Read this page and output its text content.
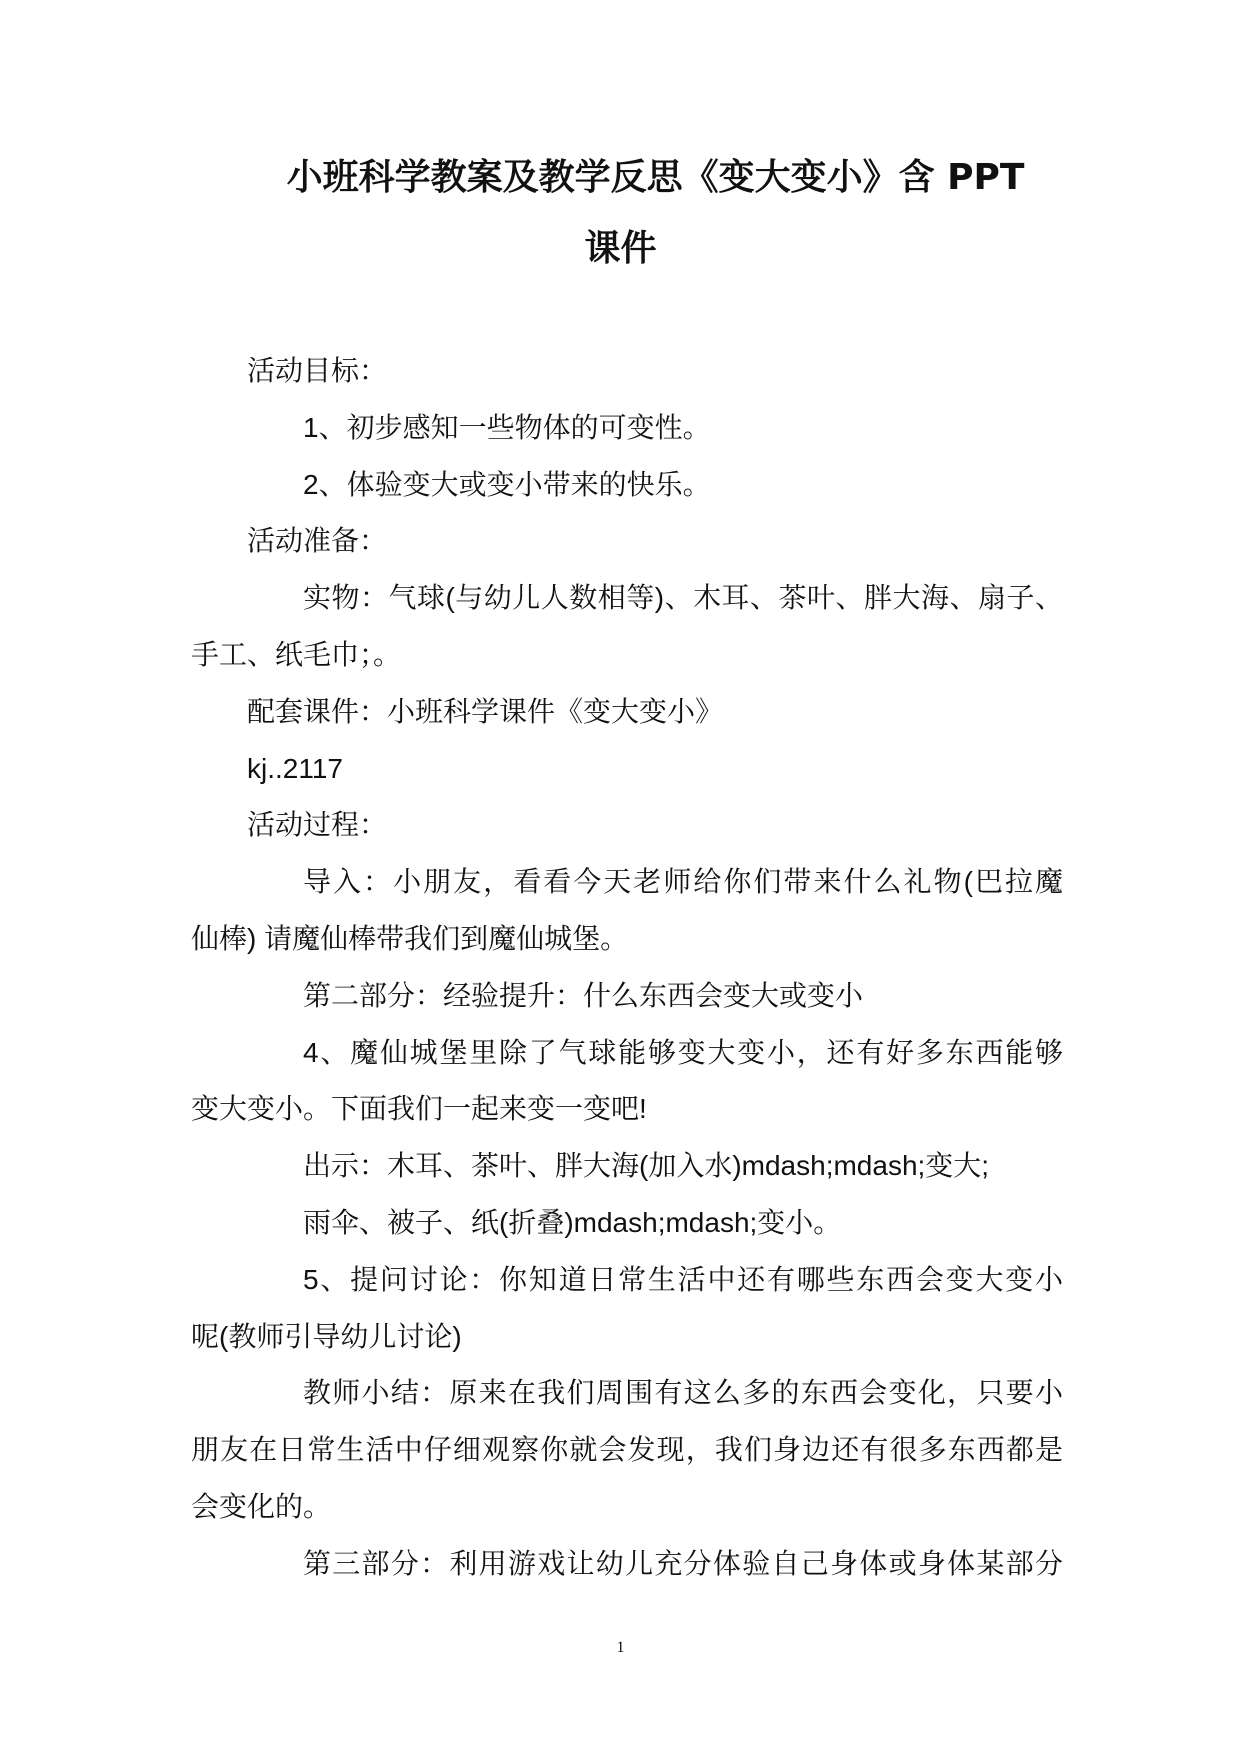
小班科学教案及教学反思《变大变小》含 PPT
课件
活动目标：
1、初步感知一些物体的可变性。
2、体验变大或变小带来的快乐。
活动准备：
实物：气球(与幼儿人数相等)、木耳、茶叶、胖大海、扇子、
手工、纸毛巾；。
配套课件：小班科学课件《变大变小》
kj..2117
活动过程：
导入：小朋友，看看今天老师给你们带来什么礼物(巴拉魔
仙棒) 请魔仙棒带我们到魔仙城堡。
第二部分：经验提升：什么东西会变大或变小
4、魔仙城堡里除了气球能够变大变小，还有好多东西能够
变大变小。下面我们一起来变一变吧!
出示：木耳、茶叶、胖大海(加入水)mdash;mdash;变大;
雨伞、被子、纸(折叠)mdash;mdash;变小。
5、提问讨论：你知道日常生活中还有哪些东西会变大变小
呢(教师引导幼儿讨论)
教师小结：原来在我们周围有这么多的东西会变化，只要小
朋友在日常生活中仔细观察你就会发现，我们身边还有很多东西都是
会变化的。
第三部分：利用游戏让幼儿充分体验自己身体或身体某部分
1
